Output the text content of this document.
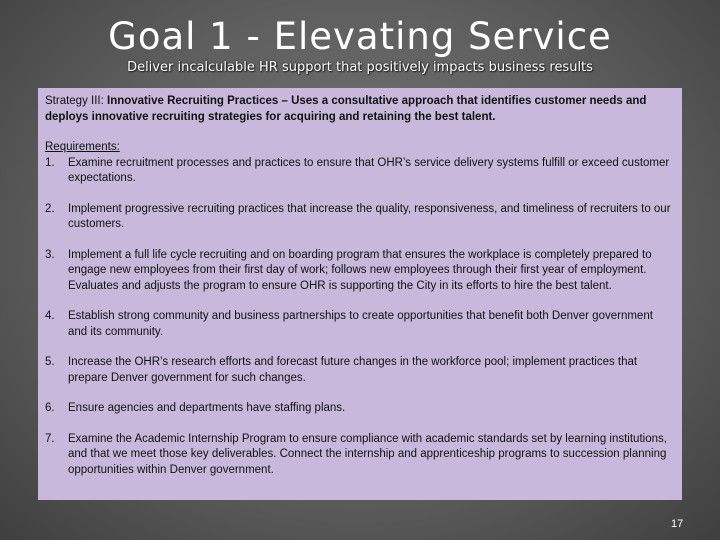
Goal 1 - Elevating Service
Deliver incalculable HR support that positively impacts business results

Strategy III: Innovative Recruiting Practices – Uses a consultative approach that identifies customer needs and deploys innovative recruiting strategies for acquiring and retaining the best talent.

Requirements:

1.	Examine recruitment processes and practices to ensure that OHR’s service delivery systems fulfill or exceed customer expectations.
2.	Implement progressive recruiting practices that increase the quality, responsiveness, and timeliness of recruiters to our customers.
3.	Implement a full life cycle recruiting and on boarding program that ensures the workplace is completely prepared to engage new employees from their first day of work; follows new employees through their first year of employment. Evaluates and adjusts the program to ensure OHR is supporting the City in its efforts to hire the best talent.
4.	Establish strong community and business partnerships to create opportunities that benefit both Denver government and its community.
5.	Increase the OHR’s research efforts and forecast future changes in the workforce pool; implement practices that prepare Denver government for such changes.
6.	Ensure agencies and departments have staffing plans.
7.	Examine the Academic Internship Program to ensure compliance with academic standards set by learning institutions, and that we meet those key deliverables. Connect the internship and apprenticeship programs to succession planning opportunities within Denver government.
17
